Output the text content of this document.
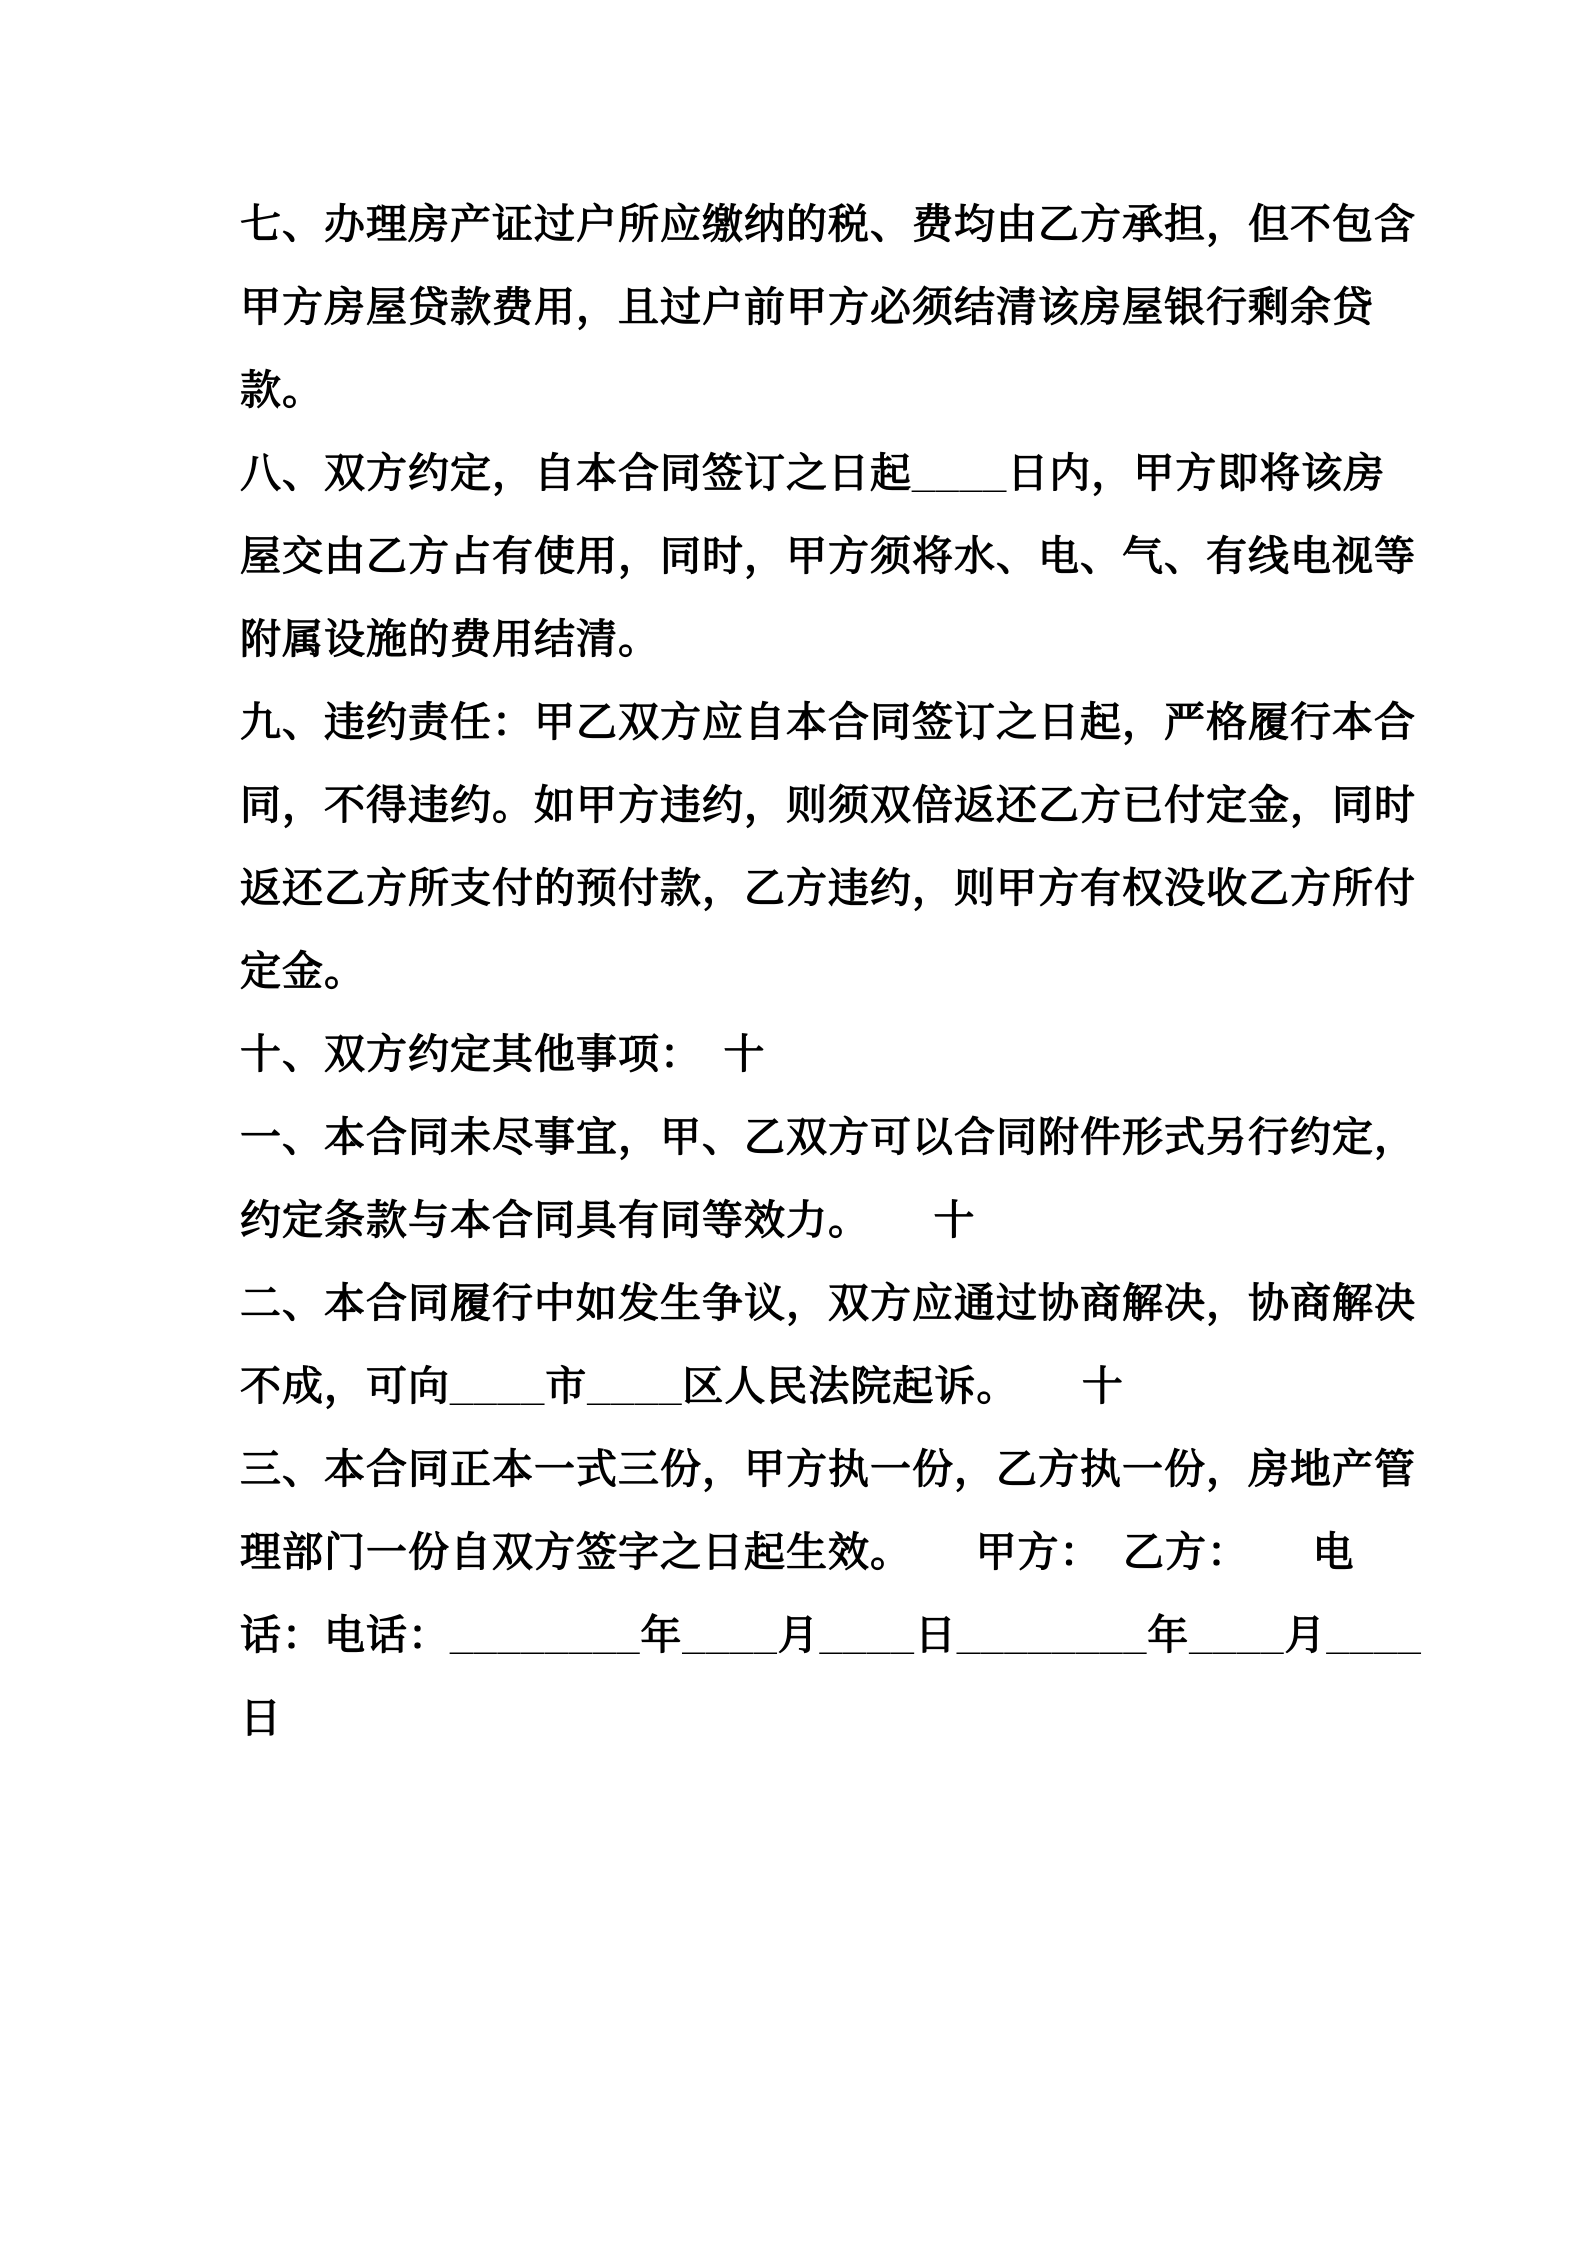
七、办理房产证过户所应缴纳的税、费均由乙方承担，但不包含
甲方房屋贷款费用，且过户前甲方必须结清该房屋银行剩余贷款。
八、双方约定，自本合同签订之日起____日内，甲方即将该房
屋交由乙方占有使用，同时，甲方须将水、电、气、有线电视等
附属设施的费用结清。
九、违约责任：甲乙双方应自本合同签订之日起，严格履行本合
同，不得违约。如甲方违约，则须双倍返还乙方已付定金，同时
返还乙方所支付的预付款，乙方违约，则甲方有权没收乙方所付
定金。
十、双方约定其他事项：　十
一、本合同未尽事宜，甲、乙双方可以合同附件形式另行约定，
约定条款与本合同具有同等效力。　　十
二、本合同履行中如发生争议，双方应通过协商解决，协商解决
不成，可向____市____区人民法院起诉。　　十
三、本合同正本一式三份，甲方执一份，乙方执一份，房地产管
理部门一份自双方签字之日起生效。　　甲方：　乙方：　　电
话：电话：________年____月____日________年____月____
日
